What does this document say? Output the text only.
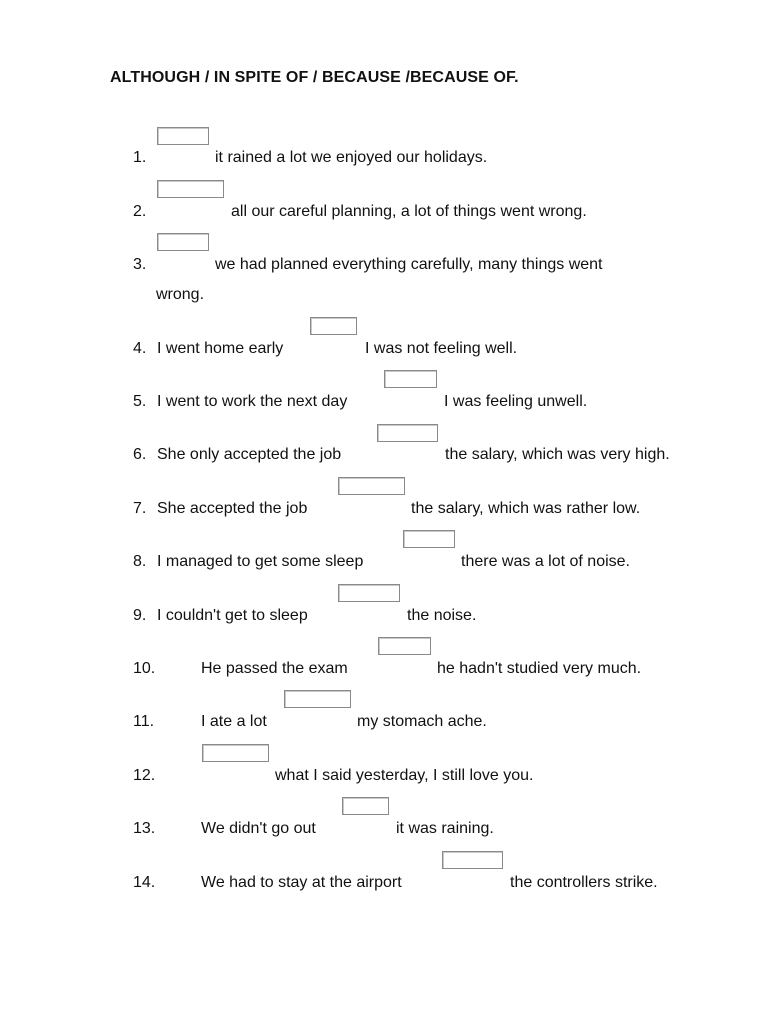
ALTHOUGH / IN SPITE OF / BECAUSE /BECAUSE OF.
1.	it rained a lot we enjoyed our holidays.
2.	all our careful planning, a lot of things went wrong.
3.	we had planned everything carefully, many things went
wrong.
4. I went home early	I was not feeling well.
5. I went to work the next day	I was feeling unwell.
6. She only accepted the job	the salary, which was very high.
7. She accepted the job	the salary, which was rather low.
8. I managed to get some sleep	there was a lot of noise.
9. I couldn't get to sleep	the noise.
10.	He passed the exam	he hadn't studied very much.
11.	I ate a lot	my stomach ache.
12.	what I said yesterday, I still love you.
13.	We didn't go out	it was raining.
14.	We had to stay at the airport	the controllers strike.
